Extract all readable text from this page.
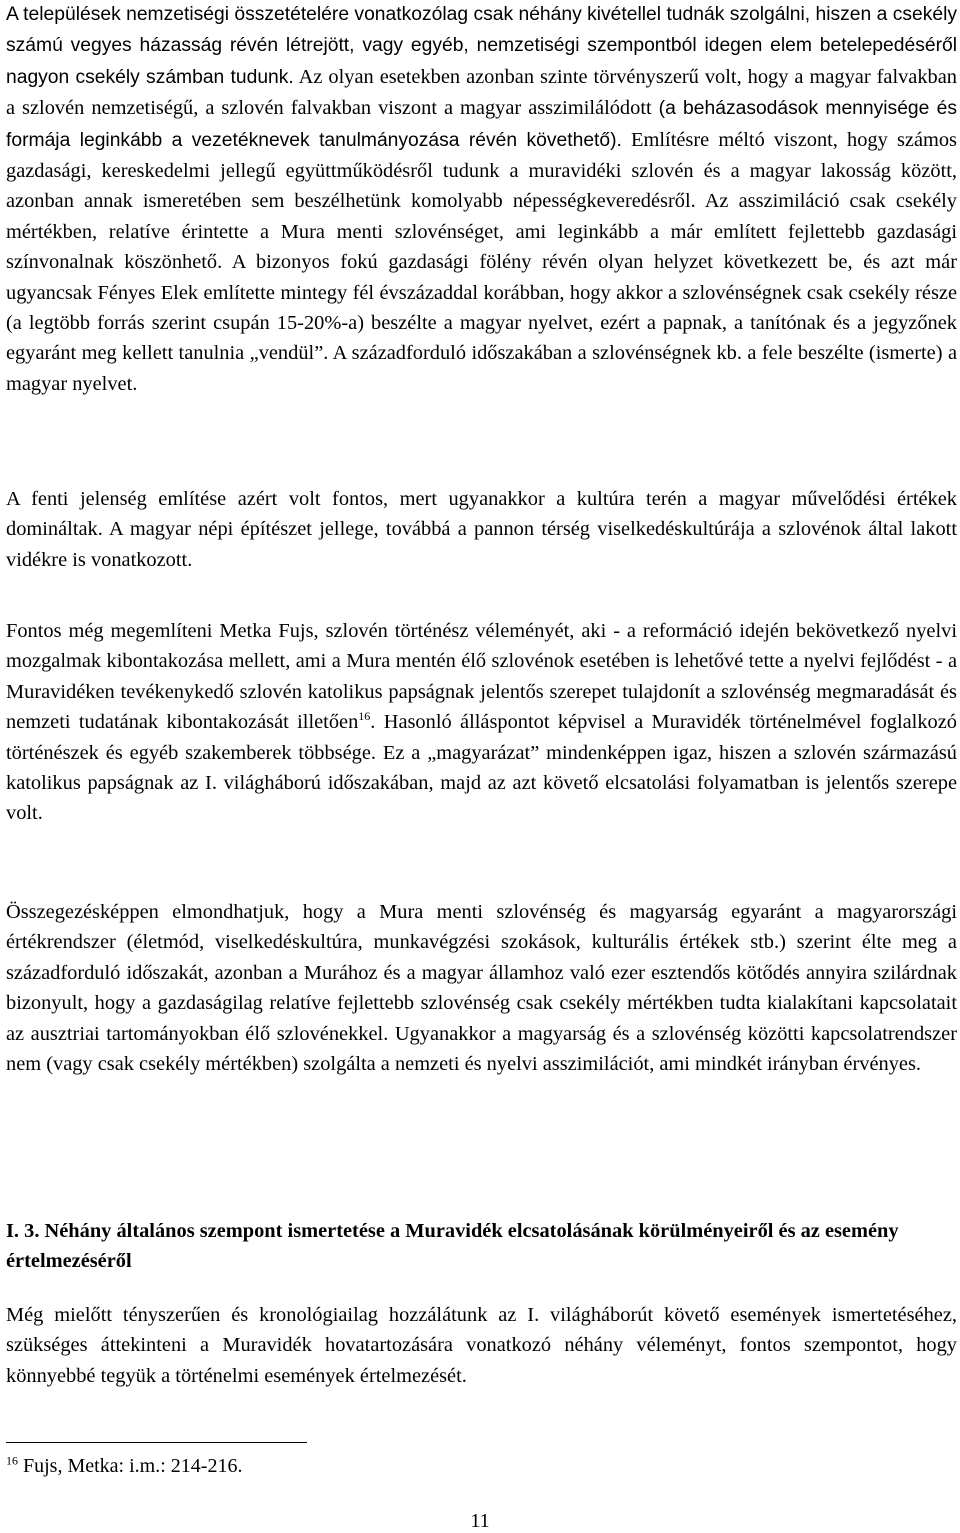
A települések nemzetiségi összetételére vonatkozólag csak néhány kivétellel tudnák szolgálni, hiszen a csekély számú vegyes házasság révén létrejött, vagy egyéb, nemzetiségi szempontból idegen elem betelepedéséről nagyon csekély számban tudunk. Az olyan esetekben azonban szinte törvényszerű volt, hogy a magyar falvakban a szlovén nemzetiségű, a szlovén falvakban viszont a magyar asszimilálódott (a beházasodások mennyisége és formája leginkább a vezetéknevek tanulmányozása révén követhető). Említésre méltó viszont, hogy számos gazdasági, kereskedelmi jellegű együttműködésről tudunk a muravidéki szlovén és a magyar lakosság között, azonban annak ismeretében sem beszélhetünk komolyabb népességkeveredésről. Az asszimiláció csak csekély mértékben, relatíve érintette a Mura menti szlovénséget, ami leginkább a már említett fejlettebb gazdasági színvonalnak köszönhető. A bizonyos fokú gazdasági fölény révén olyan helyzet következett be, és azt már ugyancsak Fényes Elek említette mintegy fél évszázaddal korábban, hogy akkor a szlovénségnek csak csekély része (a legtöbb forrás szerint csupán 15-20%-a) beszélte a magyar nyelvet, ezért a papnak, a tanítónak és a jegyzőnek egyaránt meg kellett tanulnia „vendül”. A századforduló időszakában a szlovénségnek kb. a fele beszélte (ismerte) a magyar nyelvet.

A fenti jelenség említése azért volt fontos, mert ugyanakkor a kultúra terén a magyar művelődési értékek domináltak. A magyar népi építészet jellege, továbbá a pannon térség viselkedéskultúrája a szlovénok által lakott vidékre is vonatkozott.

Fontos még megemlíteni Metka Fujs, szlovén történész véleményét, aki - a reformáció idején bekövetkező nyelvi mozgalmak kibontakozása mellett, ami a Mura mentén élő szlovénok esetében is lehetővé tette a nyelvi fejlődést - a Muravidéken tevékenykedő szlovén katolikus papságnak jelentős szerepet tulajdonít a szlovénség megmaradását és nemzeti tudatának kibontakozását illetően$^{16}$. Hasonló álláspontot képvisel a Muravidék történelmével foglalkozó történészek és egyéb szakemberek többsége. Ez a „magyarázat” mindenképpen igaz, hiszen a szlovén származású katolikus papságnak az I. világháború időszakában, majd az azt követő elcsatolási folyamatban is jelentős szerepe volt.

Összegezésképpen elmondhatjuk, hogy a Mura menti szlovénség és magyarság egyaránt a magyarországi értékrendszer (életmód, viselkedéskultúra, munkavégzési szokások, kulturális értékek stb.) szerint élte meg a századforduló időszakát, azonban a Murához és a magyar államhoz való ezer esztendős kötődés annyira szilárdnak bizonyult, hogy a gazdaságilag relatíve fejlettebb szlovénség csak csekély mértékben tudta kialakítani kapcsolatait az ausztriai tartományokban élő szlovénekkel. Ugyanakkor a magyarság és a szlovénség közötti kapcsolatrendszer nem (vagy csak csekély mértékben) szolgálta a nemzeti és nyelvi asszimilációt, ami mindkét irányban érvényes.

I. 3. Néhány általános szempont ismertetése a Muravidék elcsatolásának körülményeiről és az esemény értelmezéséről

Még mielőtt tényszerűen és kronológiailag hozzálátunk az I. világháborút követő események ismertetéséhez, szükséges áttekinteni a Muravidék hovatartozására vonatkozó néhány véleményt, fontos szempontot, hogy könnyebbé tegyük a történelmi események értelmezését.

$^{16}$ Fujs, Metka: i.m.: 214-216.

11
